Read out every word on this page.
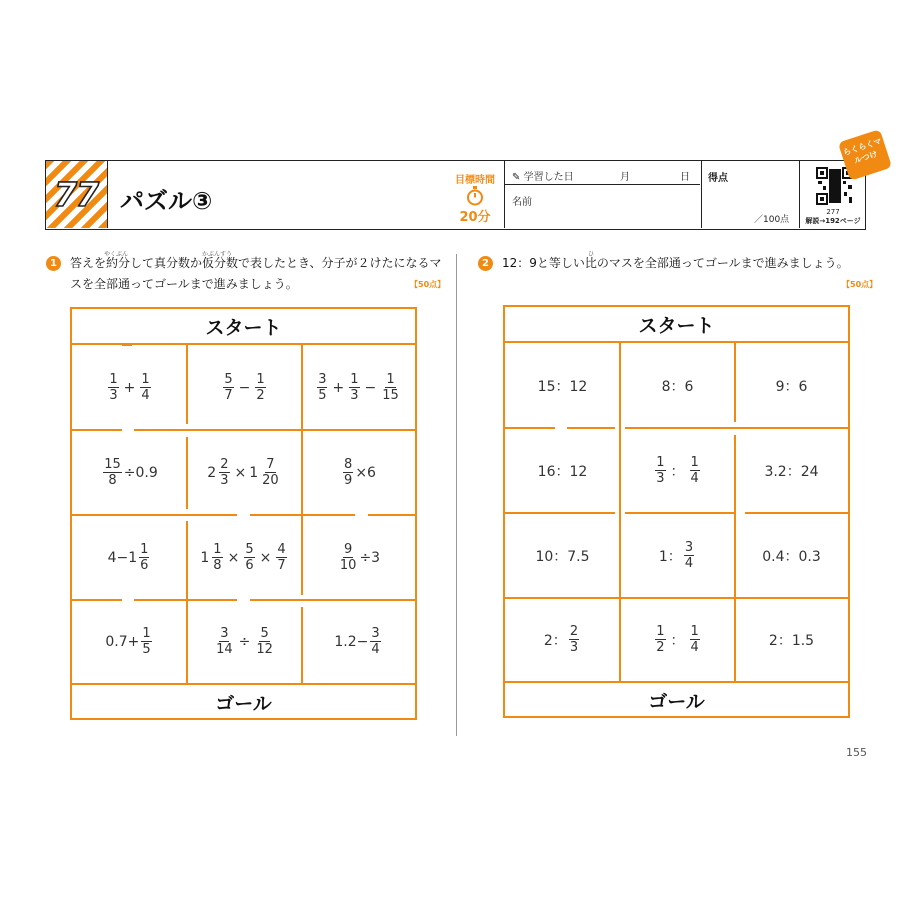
77 パズル③
目標時間
20分
✎ 学習した日	月	日
名前
得点
／100点
277
解説→192ページ
らくらくマルつけ
やくぶん	かぶんすう
1	答えを約分して真分数か仮分数で表したとき、分子が２けたになるマ
スを全部通ってゴールまで進みましょう。	【50点】
ひ
2	12：9と等しい比のマスを全部通ってゴールまで進みましょう。
【50点】
スタート
ゴール
$\frac{1}{3} + \frac{1}{4}$	$\frac{5}{7} - \frac{1}{2}$	$\frac{3}{5} + \frac{1}{3} - \frac{1}{15}$
$\frac{15}{8} \div 0.9$	$2 \frac{2}{3} \times 1 \frac{7}{20}$	$\frac{8}{9} \times 6$
$4-1 \frac{1}{6}$	$1 \frac{1}{8} \times \frac{5}{6} \times \frac{4}{7}$	$\frac{9}{10} \div 3$
$0.7+ \frac{1}{5}$	$\frac{3}{14} \div \frac{5}{12}$	$1.2- \frac{3}{4}$
スタート
ゴール
15：12	8：6	9：6
16：12	$\frac{1}{3}$ ： $\frac{1}{4}$	3.2：24
10：7.5	1： $\frac{3}{4}$	0.4：0.3
2： $\frac{2}{3}$	$\frac{1}{2}$ ： $\frac{1}{4}$	2：1.5
155
